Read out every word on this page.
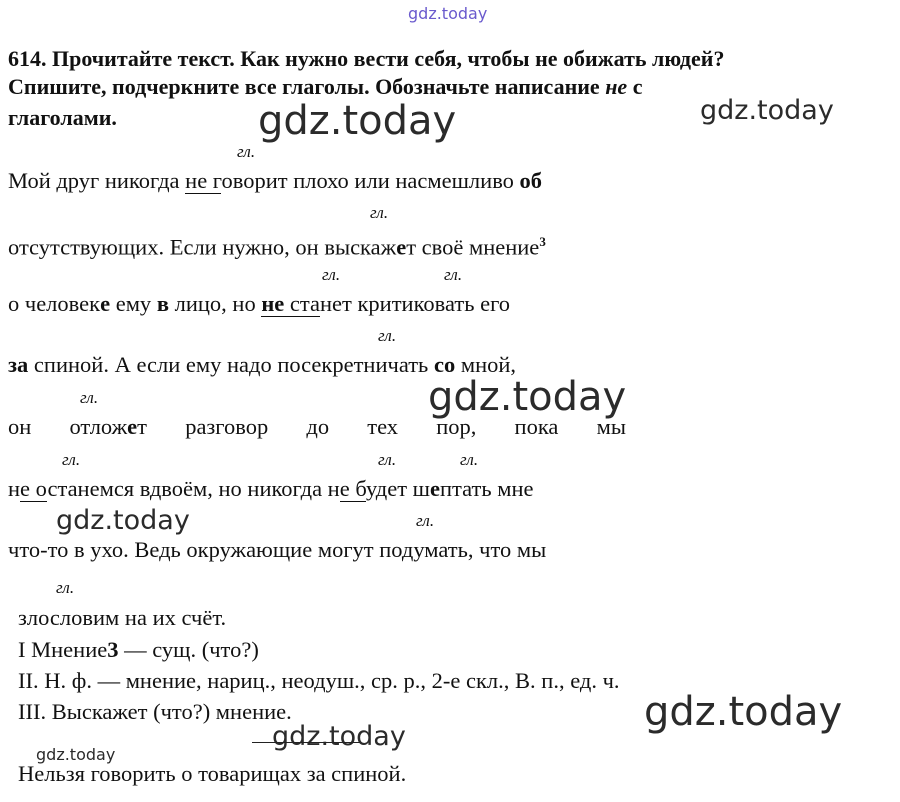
gdz.today
gdz.today	gdz.today
gdz.today
gdz.today
gdz.today
gdz.today
gdz.today
614. Прочитайте текст. Как нужно вести себя, чтобы не обижать людей?
Спишите, подчеркните все глаголы. Обозначьте написание не с
глаголами.
гл.
гл.
гл.	гл.
гл.
гл.
гл.	гл.	гл.
гл.
гл.
Мой друг никогда не говорит плохо или насмешливо об
отсутствующих. Если нужно, он выскажет своё мнение$^3$
о человеке ему в лицо, но не станет критиковать его
за спиной. А если ему надо посекретничать со мной,
он отложет разговор до тех пор, пока мы
не останемся вдвоём, но никогда не будет шептать мне
что-то в ухо. Ведь окружающие могут подумать, что мы
злословим на их счёт.
I Мнение3 — сущ. (что?)
II. Н. ф. — мнение, нариц., неодуш., ср. р., 2-е скл., В. п., ед. ч.
III. Выскажет (что?) мнение.
Нельзя говорить о товарищах за спиной.
